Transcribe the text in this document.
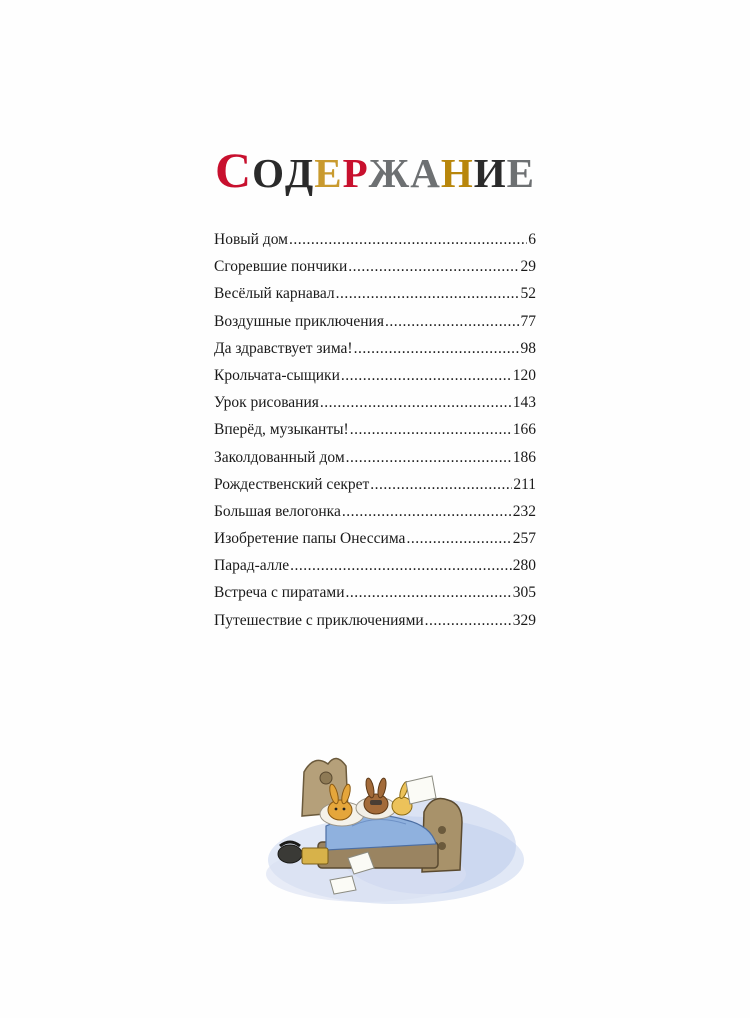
СОДЕРЖАНИЕ
Новый дом .....	6
Сгоревшие пончики .....	29
Весёлый карнавал .....	52
Воздушные приключения .....	77
Да здравствует зима! .....	98
Крольчата-сыщики .....	120
Урок рисования .....	143
Вперёд, музыканты! .....	166
Заколдованный дом .....	186
Рождественский секрет .....	211
Большая велогонка .....	232
Изобретение папы Онессима .....	257
Парад-алле .....	280
Встреча с пиратами .....	305
Путешествие с приключениями .....	329
